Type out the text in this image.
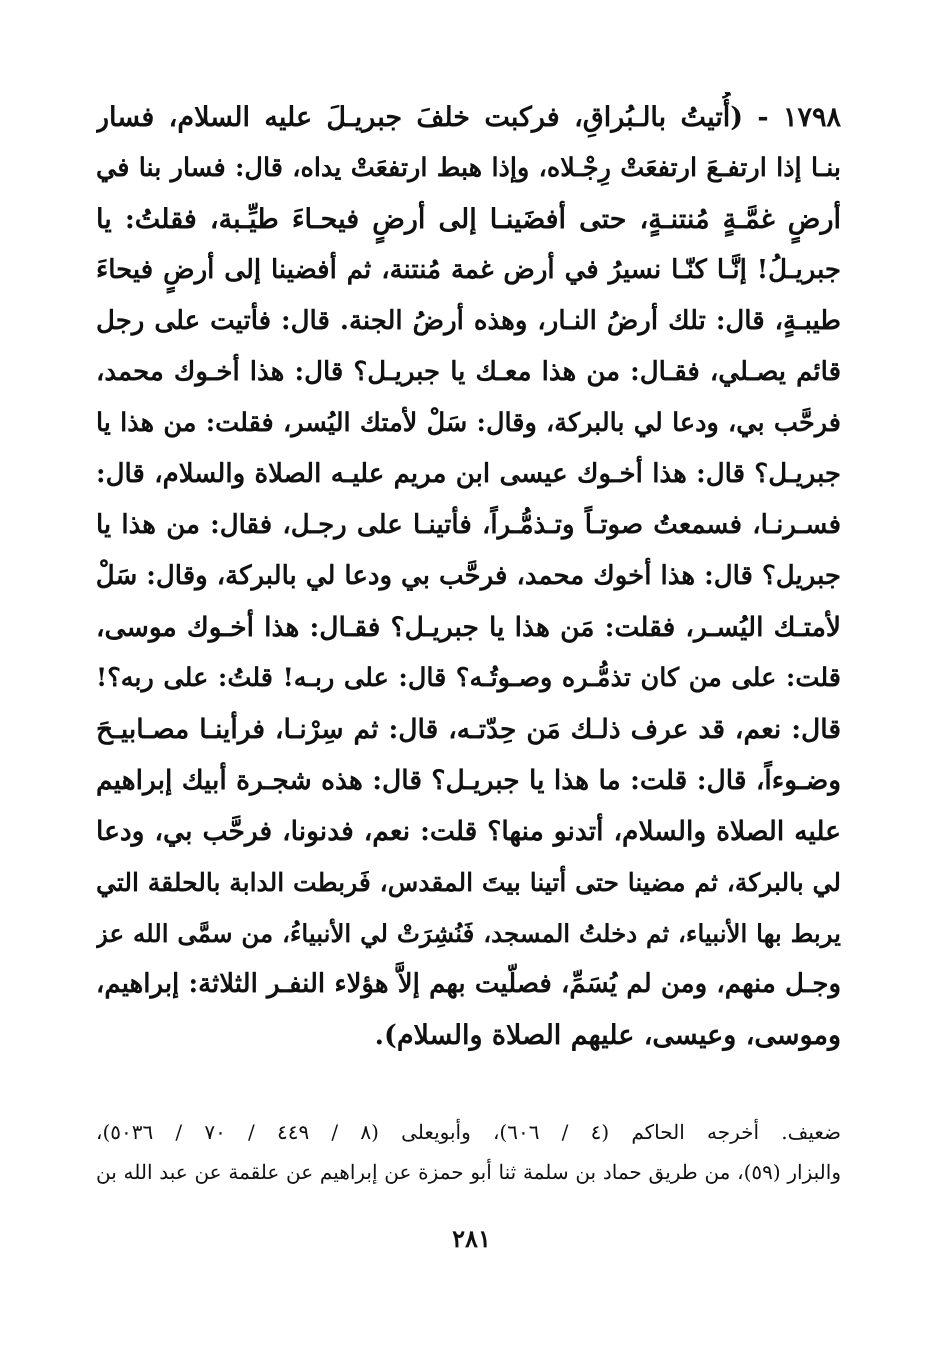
١٧٩٨ - (أُتيتُ بالـبُراقِ، فركبت خلفَ جبريـلَ عليه السلام، فسار
بنـا إذا ارتفـعَ ارتفعَتْ رِجْـلاه، وإذا هبط ارتفعَتْ يداه، قال: فسار بنا في
أرضٍ غمَّـةٍ مُنتنـةٍ، حتى أفضَينـا إلى أرضٍ فيحـاءَ طيِّـبة، فقلتُ: يا
جبريـلُ! إنَّـا كنّـا نسيرُ في أرض غمة مُنتنة، ثم أفضينا إلى أرضٍ فيحاءَ
طيبـةٍ، قال: تلك أرضُ النـار، وهذه أرضُ الجنة. قال: فأتيت على رجل
قائم يصـلي، فقـال: من هذا معـك يا جبريـل؟ قال: هذا أخـوك محمد،
فرحَّب بي، ودعا لي بالبركة، وقال: سَلْ لأمتك اليُسر، فقلت: من هذا يا
جبريـل؟ قال: هذا أخـوك عيسى ابن مريم عليـه الصلاة والسلام، قال:
فسـرنـا، فسمعتُ صوتـاً وتـذمُّـراً، فأتينـا على رجـل، فقال: من هذا يا
جبريل؟ قال: هذا أخوك محمد، فرحَّب بي ودعا لي بالبركة، وقال: سَلْ
لأمتـك اليُسـر، فقلت: مَن هذا يا جبريـل؟ فقـال: هذا أخـوك موسى،
قلت: على من كان تذمُّـره وصـوتُـه؟ قال: على ربـه! قلتُ: على ربه؟!
قال: نعم، قد عرف ذلـك مَن حِدّتـه، قال: ثم سِرْنـا، فرأينـا مصـابيـحَ
وضـوءاً، قال: قلت: ما هذا يا جبريـل؟ قال: هذه شجـرة أبيك إبراهيم
عليه الصلاة والسلام، أتدنو منها؟ قلت: نعم، فدنونا، فرحَّب بي، ودعا
لي بالبركة، ثم مضينا حتى أتينا بيتَ المقدس، فَربطت الدابة بالحلقة التي
يربط بها الأنبياء، ثم دخلتُ المسجد، فَنُشِرَتْ لي الأنبياءُ، من سمَّى الله عز
وجـل منهم، ومن لم يُسَمِّ، فصلّيت بهم إلاَّ هؤلاء النفـر الثلاثة: إبراهيم،
وموسى، وعيسى، عليهم الصلاة والسلام).
ضعيف. أخرجه الحاكم (٤ / ٦٠٦)، وأبويعلى (٨ / ٤٤٩ / ٧٠ / ٥٠٣٦)،
والبزار (٥٩)، من طريق حماد بن سلمة ثنا أبو حمزة عن إبراهيم عن علقمة عن عبد الله بن
٢٨١
